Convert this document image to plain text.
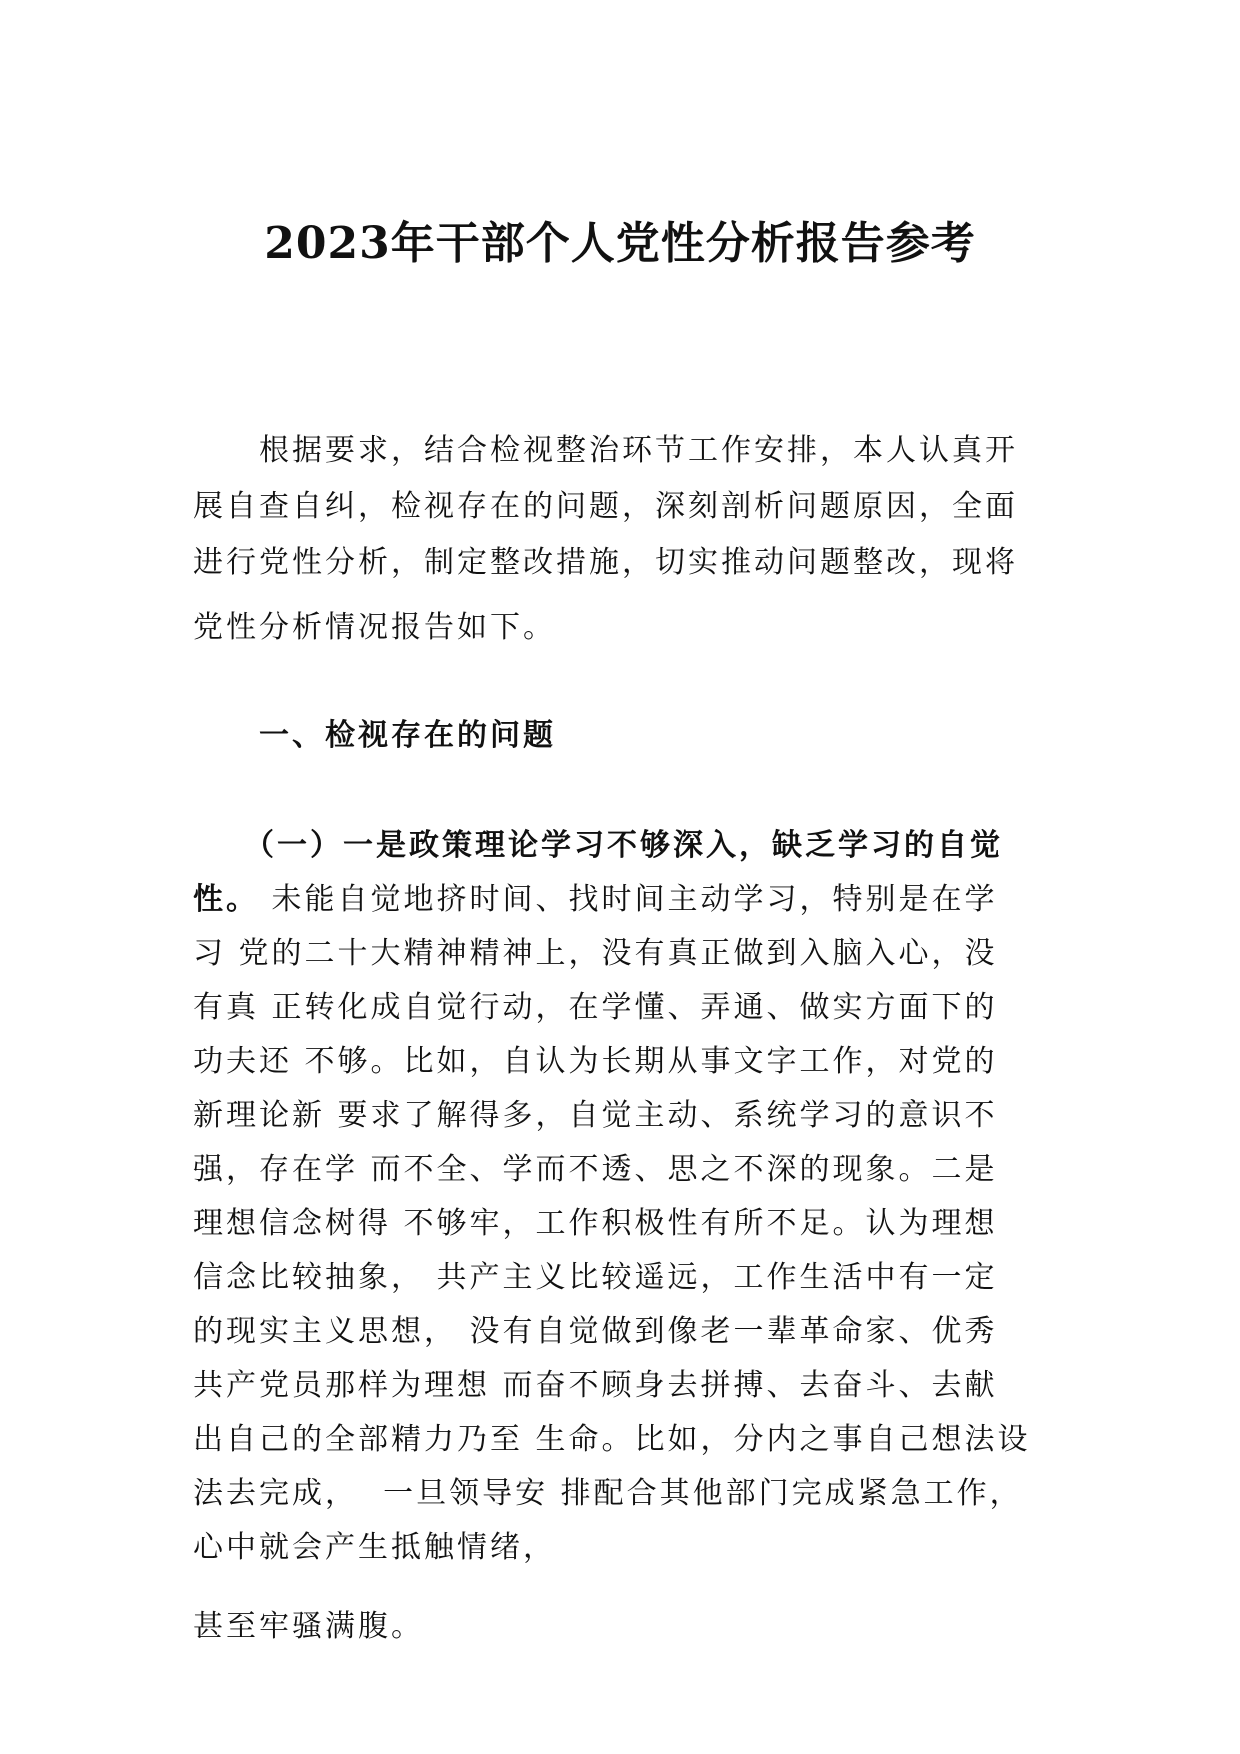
2023年干部个人党性分析报告参考
　　根据要求，结合检视整治环节工作安排，本人认真开
展自查自纠，检视存在的问题，深刻剖析问题原因，全面
进行党性分析，制定整改措施，切实推动问题整改，现将
党性分析情况报告如下。
　　一、检视存在的问题
　　（一）一是政策理论学习不够深入，缺乏学习的自觉
性。 未能自觉地挤时间、找时间主动学习，特别是在学
习 党的二十大精神精神上，没有真正做到入脑入心，没
有真 正转化成自觉行动，在学懂、弄通、做实方面下的
功夫还 不够。比如，自认为长期从事文字工作，对党的
新理论新 要求了解得多，自觉主动、系统学习的意识不
强，存在学 而不全、学而不透、思之不深的现象。二是
理想信念树得 不够牢，工作积极性有所不足。认为理想
信念比较抽象， 共产主义比较遥远，工作生活中有一定
的现实主义思想， 没有自觉做到像老一辈革命家、优秀
共产党员那样为理想 而奋不顾身去拼搏、去奋斗、去献
出自己的全部精力乃至 生命。比如，分内之事自己想法设
法去完成，  一旦领导安 排配合其他部门完成紧急工作，
心中就会产生抵触情绪，
甚至牢骚满腹。
